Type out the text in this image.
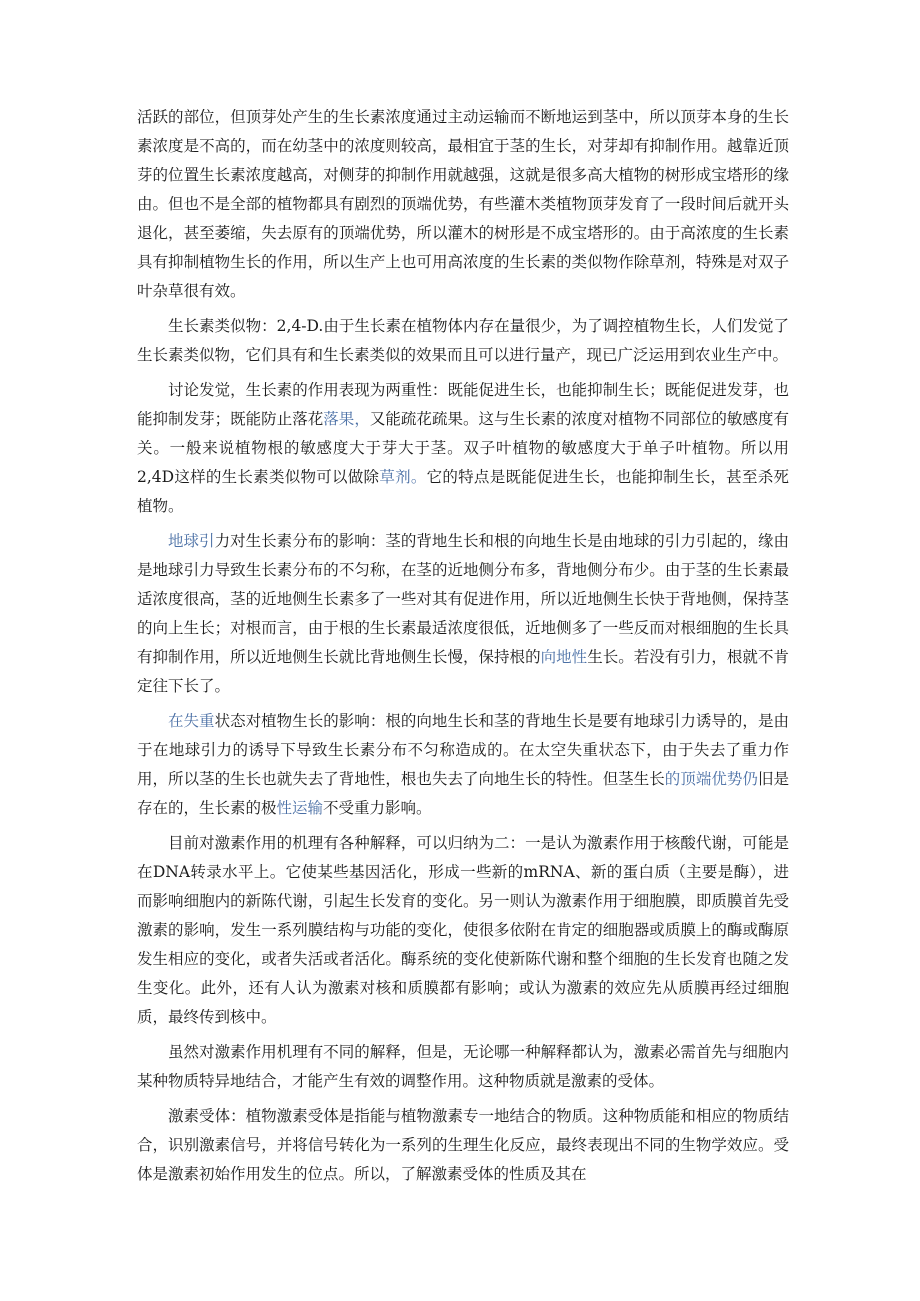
活跃的部位，但顶芽处产生的生长素浓度通过主动运输而不断地运到茎中，所以顶芽本身的生长素浓度是不高的，而在幼茎中的浓度则较高，最相宜于茎的生长，对芽却有抑制作用。越靠近顶芽的位置生长素浓度越高，对侧芽的抑制作用就越强，这就是很多高大植物的树形成宝塔形的缘由。但也不是全部的植物都具有剧烈的顶端优势，有些灌木类植物顶芽发育了一段时间后就开头退化，甚至萎缩，失去原有的顶端优势，所以灌木的树形是不成宝塔形的。由于高浓度的生长素具有抑制植物生长的作用，所以生产上也可用高浓度的生长素的类似物作除草剂，特殊是对双子叶杂草很有效。

生长素类似物：2,4-D.由于生长素在植物体内存在量很少，为了调控植物生长，人们发觉了生长素类似物，它们具有和生长素类似的效果而且可以进行量产，现已广泛运用到农业生产中。

讨论发觉，生长素的作用表现为两重性：既能促进生长，也能抑制生长；既能促进发芽，也能抑制发芽；既能防止落花落果，又能疏花疏果。这与生长素的浓度对植物不同部位的敏感度有关。一般来说植物根的敏感度大于芽大于茎。双子叶植物的敏感度大于单子叶植物。所以用2,4D这样的生长素类似物可以做除草剂。它的特点是既能促进生长，也能抑制生长，甚至杀死植物。

地球引力对生长素分布的影响：茎的背地生长和根的向地生长是由地球的引力引起的，缘由是地球引力导致生长素分布的不匀称，在茎的近地侧分布多，背地侧分布少。由于茎的生长素最适浓度很高，茎的近地侧生长素多了一些对其有促进作用，所以近地侧生长快于背地侧，保持茎的向上生长；对根而言，由于根的生长素最适浓度很低，近地侧多了一些反而对根细胞的生长具有抑制作用，所以近地侧生长就比背地侧生长慢，保持根的向地性生长。若没有引力，根就不肯定往下长了。

在失重状态对植物生长的影响：根的向地生长和茎的背地生长是要有地球引力诱导的，是由于在地球引力的诱导下导致生长素分布不匀称造成的。在太空失重状态下，由于失去了重力作用，所以茎的生长也就失去了背地性，根也失去了向地生长的特性。但茎生长的顶端优势仍旧是存在的，生长素的极性运输不受重力影响。

目前对激素作用的机理有各种解释，可以归纳为二：一是认为激素作用于核酸代谢，可能是在DNA转录水平上。它使某些基因活化，形成一些新的mRNA、新的蛋白质（主要是酶），进而影响细胞内的新陈代谢，引起生长发育的变化。另一则认为激素作用于细胞膜，即质膜首先受激素的影响，发生一系列膜结构与功能的变化，使很多依附在肯定的细胞器或质膜上的酶或酶原发生相应的变化，或者失活或者活化。酶系统的变化使新陈代谢和整个细胞的生长发育也随之发生变化。此外，还有人认为激素对核和质膜都有影响；或认为激素的效应先从质膜再经过细胞质，最终传到核中。

虽然对激素作用机理有不同的解释，但是，无论哪一种解释都认为，激素必需首先与细胞内某种物质特异地结合，才能产生有效的调整作用。这种物质就是激素的受体。

激素受体：植物激素受体是指能与植物激素专一地结合的物质。这种物质能和相应的物质结合，识别激素信号，并将信号转化为一系列的生理生化反应，最终表现出不同的生物学效应。受体是激素初始作用发生的位点。所以，了解激素受体的性质及其在
